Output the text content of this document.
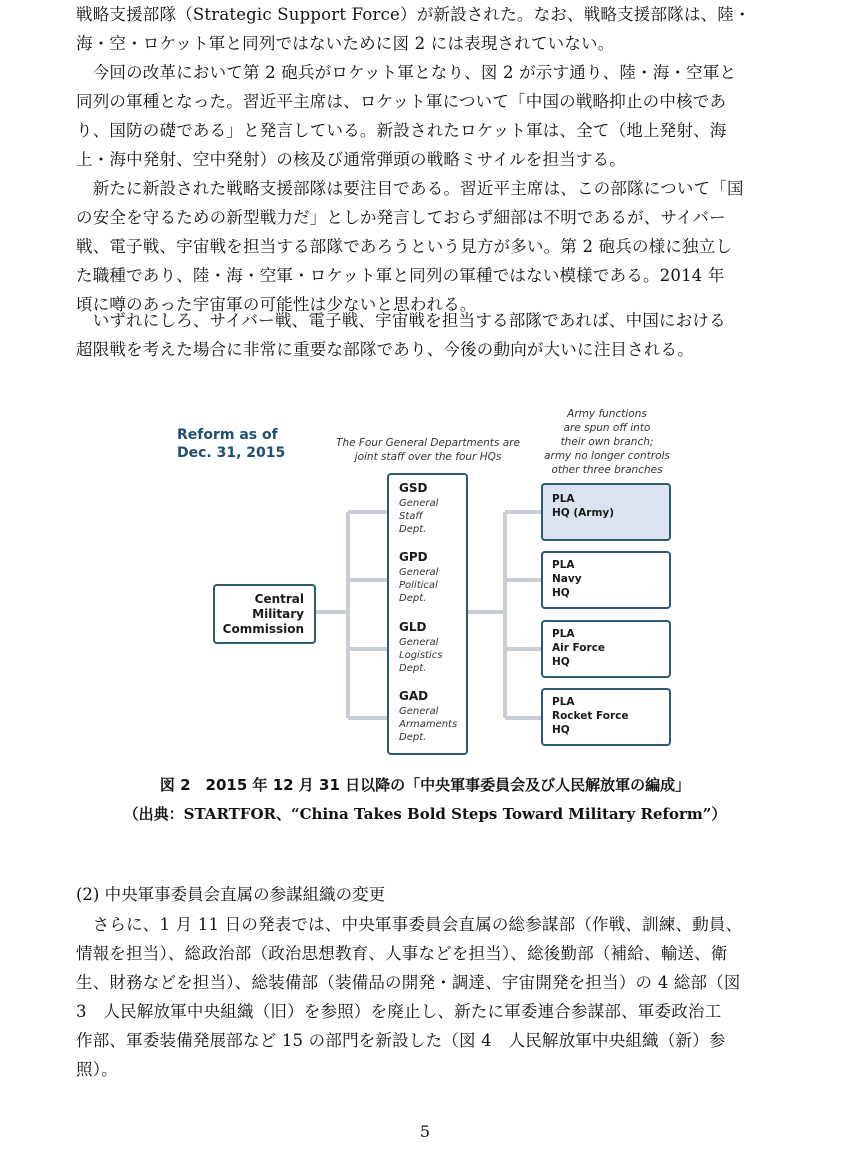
戦略支援部隊（Strategic Support Force）が新設された。なお、戦略支援部隊は、陸・
海・空・ロケット軍と同列ではないために図 2 には表現されていない。

　今回の改革において第 2 砲兵がロケット軍となり、図 2 が示す通り、陸・海・空軍と
同列の軍種となった。習近平主席は、ロケット軍について「中国の戦略抑止の中核であ
り、国防の礎である」と発言している。新設されたロケット軍は、全て（地上発射、海
上・海中発射、空中発射）の核及び通常弾頭の戦略ミサイルを担当する。

　新たに新設された戦略支援部隊は要注目である。習近平主席は、この部隊について「国
の安全を守るための新型戦力だ」としか発言しておらず細部は不明であるが、サイバー
戦、電子戦、宇宙戦を担当する部隊であろうという見方が多い。第 2 砲兵の様に独立し
た職種であり、陸・海・空軍・ロケット軍と同列の軍種ではない模様である。2014 年
頃に噂のあった宇宙軍の可能性は少ないと思われる。

　いずれにしろ、サイバー戦、電子戦、宇宙戦を担当する部隊であれば、中国における
超限戦を考えた場合に非常に重要な部隊であり、今後の動向が大いに注目される。

Reform as of
Dec. 31, 2015
The Four General Departments are
joint staff over the four HQs
Army functions
are spun off into
their own branch;
army no longer controls
other three branches
Central
Military
Commission
GSD
General
Staff
Dept.
GPD
General
Political
Dept.
GLD
General
Logistics
Dept.
GAD
General
Armaments
Dept.
PLA
HQ (Army)
PLA
Navy
HQ
PLA
Air Force
HQ
PLA
Rocket Force
HQ
図 2　2015 年 12 月 31 日以降の「中央軍事委員会及び人民解放軍の編成」
（出典：STARTFOR、“China Takes Bold Steps Toward Military Reform”）

(2) 中央軍事委員会直属の参謀組織の変更

　さらに、1 月 11 日の発表では、中央軍事委員会直属の総参謀部（作戦、訓練、動員、
情報を担当）、総政治部（政治思想教育、人事などを担当）、総後勤部（補給、輸送、衛
生、財務などを担当）、総装備部（装備品の開発・調達、宇宙開発を担当）の 4 総部（図
3　人民解放軍中央組織（旧）を参照）を廃止し、新たに軍委連合参謀部、軍委政治工
作部、軍委装備発展部など 15 の部門を新設した（図 4　人民解放軍中央組織（新）参
照）。

5
